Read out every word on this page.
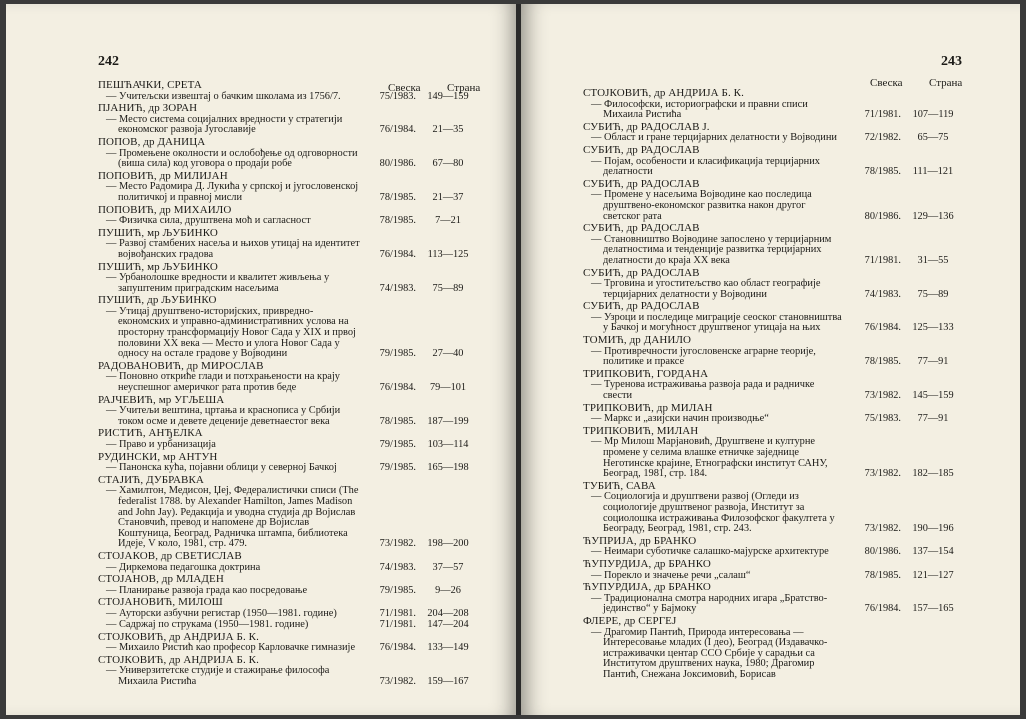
242
Свеска Страна
ПЕШЋАЧКИ, СРЕТА
— Учитељски извештај о бачким школама из 1756/7.	75/1983.	149—159
ПЈАНИЋ, др ЗОРАН
— Место система социјалних вредности у стратегији економског развоја Југославије	76/1984.	21—35
ПОПОВ, др ДАНИЦА
— Промењене околности и ослобођење од одговорности (виша сила) код уговора о продаји робе	80/1986.	67—80
ПОПОВИЋ, др МИЛИЈАН
— Место Радомира Д. Лукића у српској и југословенској политичкој и правној мисли	78/1985.	21—37
ПОПОВИЋ, др МИХАИЛО
— Физичка сила, друштвена моћ и сагласност	78/1985.	7—21
ПУШИЋ, мр ЉУБИНКО
— Развој стамбених насеља и њихов утицај на идентитет војвођанских градова	76/1984.	113—125
ПУШИЋ, мр ЉУБИНКО
— Урбанолошке вредности и квалитет живљења у запуштеним приградским насељима	74/1983.	75—89
ПУШИЋ, др ЉУБИНКО
— Утицај друштвено-историјских, привредно-економских и управно-административних услова на просторну трансформацију Новог Сада у XIX и првој половини XX века — Место и улога Новог Сада у односу на остале градове у Војводини	79/1985.	27—40
РАДОВАНОВИЋ, др МИРОСЛАВ
— Поновно откриће глади и потхрањености на крају неуспешног америчког рата против беде	76/1984.	79—101
РАЈЧЕВИЋ, мр УГЉЕША
— Учитељи вештина, цртања и краснописа у Србији током осме и девете деценије деветнаестог века	78/1985.	187—199
РИСТИЋ, АНЂЕЛКА
— Право и урбанизација	79/1985.	103—114
РУДИНСКИ, мр АНТУН
— Панонска кућа, појавни облици у северној Бачкој	79/1985.	165—198
СТАЈИЋ, ДУБРАВКА
— Хамилтон, Медисон, Џеј, Федералистички списи (The federalist 1788. by Alexander Hamilton, James Madison and John Jay). Редакција и уводна студија др Војислав Становчић, превод и напомене др Војислав Коштуница, Београд, Радничка штампа, библиотека Идеје, V коло, 1981, стр. 479.	73/1982.	198—200
СТОЈАКОВ, др СВЕТИСЛАВ
— Диркемова педагошка доктрина	74/1983.	37—57
СТОЈАНОВ, др МЛАДЕН
— Планирање развоја града као посредовање	79/1985.	9—26
СТОЈАНОВИЋ, МИЛОШ
— Ауторски азбучни регистар (1950—1981. године)	71/1981.	204—208
— Садржај по струкама (1950—1981. године)	71/1981.	147—204
СТОЈКОВИЋ, др АНДРИЈА Б. К.
— Михаило Ристић као професор Карловачке гимназије	76/1984.	133—149
СТОЈКОВИЋ, др АНДРИЈА Б. К.
— Универзитетске студије и стажирање философа Михаила Ристића	73/1982.	159—167
243
Свеска Страна
СТОЈКОВИЋ, др АНДРИЈА Б. К.
— Философски, историографски и правни списи Михаила Ристића	71/1981.	107—119
СУБИЋ, др РАДОСЛАВ Ј.
— Област и гране терцијарних делатности у Војводини	72/1982.	65—75
СУБИЋ, др РАДОСЛАВ
— Појам, особености и класификација терцијарних делатности	78/1985.	111—121
СУБИЋ, др РАДОСЛАВ
— Промене у насељима Војводине као последица друштвено-економског развитка након другог светског рата	80/1986.	129—136
СУБИЋ, др РАДОСЛАВ
— Становништво Војводине запослено у терцијарним делатностима и тенденције развитка терцијарних делатности до краја XX века	71/1981.	31—55
СУБИЋ, др РАДОСЛАВ
— Трговина и угоститељство као област географије терцијарних делатности у Војводини	74/1983.	75—89
СУБИЋ, др РАДОСЛАВ
— Узроци и последице миграције сеоског становништва у Бачкој и могућност друштвеног утицаја на њих	76/1984.	125—133
ТОМИЋ, др ДАНИЛО
— Противречности југословенске аграрне теорије, политике и праксе	78/1985.	77—91
ТРИПКОВИЋ, ГОРДАНА
— Туренова истраживања развоја рада и радничке свести	73/1982.	145—159
ТРИПКОВИЋ, др МИЛАН
— Маркс и „азијски начин производње“	75/1983.	77—91
ТРИПКОВИЋ, МИЛАН
— Мр Милош Марјановић, Друштвене и културне промене у селима влашке етничке заједнице Неготинске крајине, Етнографски институт САНУ, Београд, 1981, стр. 184.	73/1982.	182—185
ТУБИЋ, САВА
— Социологија и друштвени развој (Огледи из социологије друштвеног развоја, Институт за социолошка истраживања Филозофског факултета у Београду, Београд, 1981, стр. 243.	73/1982.	190—196
ЋУПРИЈА, др БРАНКО
— Неимари суботичке салашко-мајурске архитектуре	80/1986.	137—154
ЋУПУРДИЈА, др БРАНКО
— Порекло и значење речи „салаш“	78/1985.	121—127
ЋУПУРДИЈА, др БРАНКО
— Традиционална смотра народних игара „Братство-јединство“ у Бајмоку	76/1984.	157—165
ФЛЕРЕ, др СЕРГЕЈ
— Драгомир Пантић, Природа интересовања — Интересовање младих (I део), Београд (Издавачко-истраживачки центар ССО Србије у сарадњи са Институтом друштвених наука, 1980; Драгомир Пантић, Снежана Јоксимовић, Борисав
